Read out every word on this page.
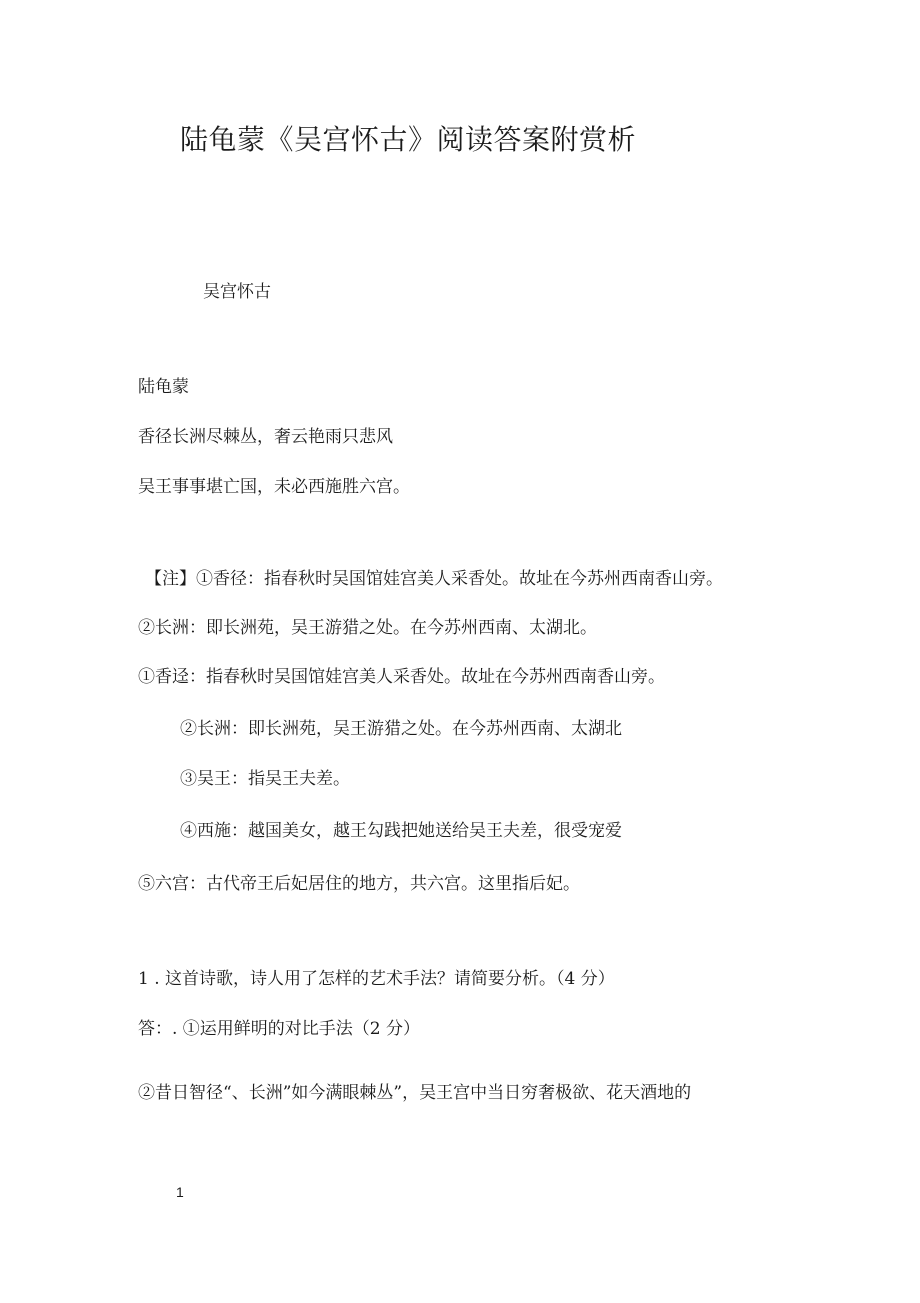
陆龟蒙《吴宫怀古》阅读答案附赏析
吴宫怀古
陆龟蒙
香径长洲尽棘丛，奢云艳雨只悲风
吴王事事堪亡国，未必西施胜六宫。
【注】①香径：指春秋时吴国馆娃宫美人采香处。故址在今苏州西南香山旁。
②长洲：即长洲苑，吴王游猎之处。在今苏州西南、太湖北。
①香迳：指春秋时吴国馆娃宫美人采香处。故址在今苏州西南香山旁。
②长洲：即长洲苑，吴王游猎之处。在今苏州西南、太湖北
③吴王：指吴王夫差。
④西施：越国美女，越王勾践把她送给吴王夫差，很受宠爱
⑤六宫：古代帝王后妃居住的地方，共六宫。这里指后妃。
1 . 这首诗歌，诗人用了怎样的艺术手法？请简要分析。（4 分）
答：. ①运用鲜明的对比手法（2 分）
②昔日智径“、长洲”如今满眼棘丛”，吴王宫中当日穷奢极欲、花天酒地的
1
